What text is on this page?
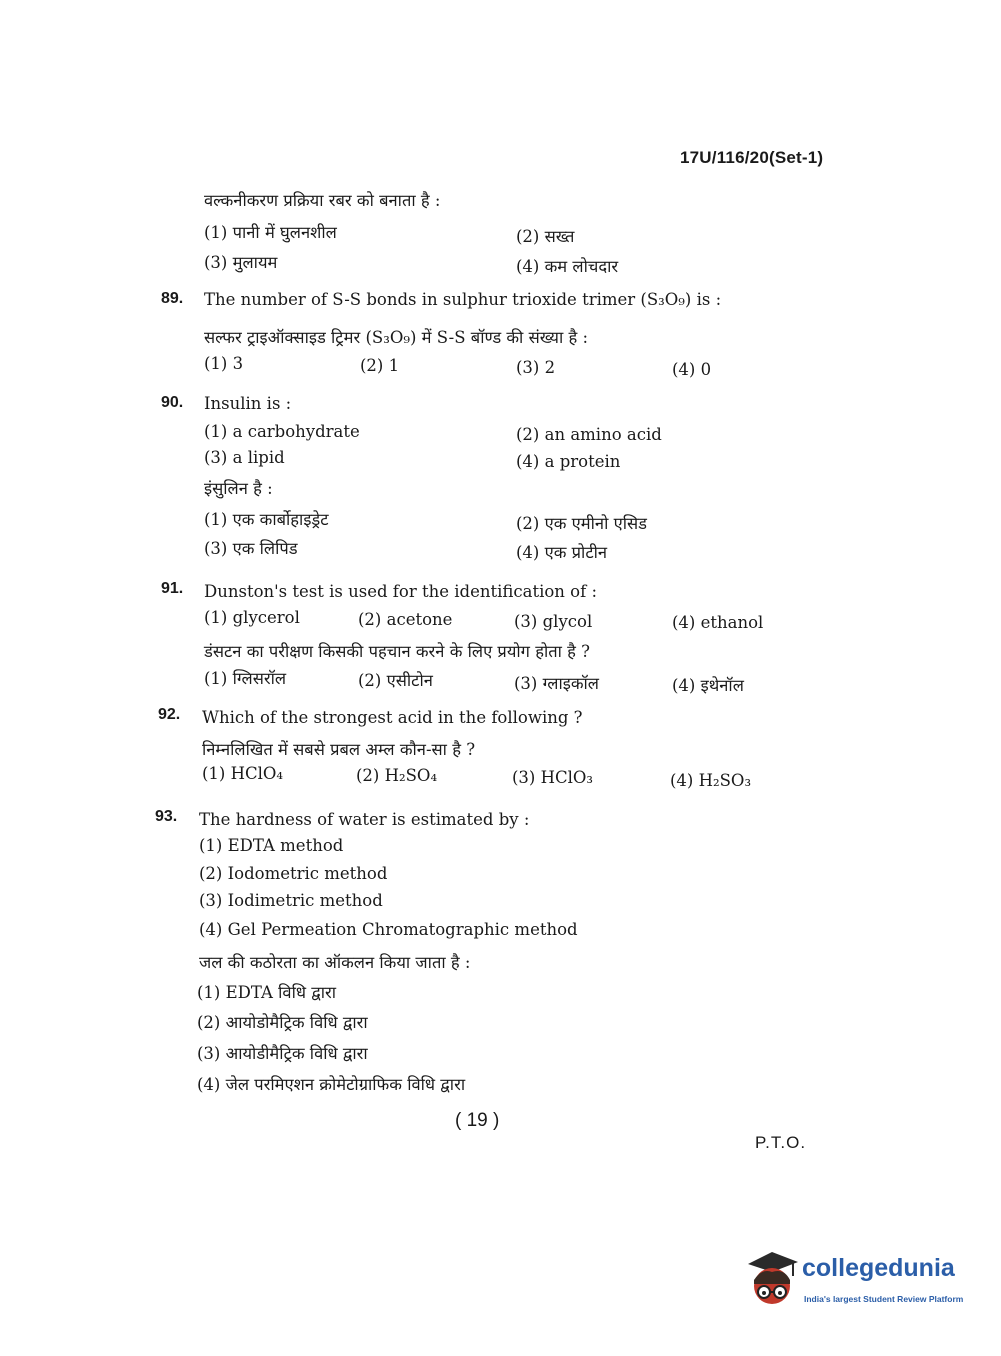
17U/116/20(Set-1)
वल्कनीकरण प्रक्रिया रबर को बनाता है :
(1) पानी में घुलनशील	(2) सख्त
(3) मुलायम	(4) कम लोचदार
89. The number of S-S bonds in sulphur trioxide trimer (S₃O₉) is :
सल्फर ट्राइऑक्साइड ट्रिमर (S₃O₉) में S-S बॉण्ड की संख्या है :
(1) 3	(2) 1	(3) 2	(4) 0
90. Insulin is :
(1) a carbohydrate	(2) an amino acid
(3) a lipid	(4) a protein
इंसुलिन है :
(1) एक कार्बोहाइड्रेट	(2) एक एमीनो एसिड
(3) एक लिपिड	(4) एक प्रोटीन
91. Dunston's test is used for the identification of :
(1) glycerol	(2) acetone	(3) glycol	(4) ethanol
डंसटन का परीक्षण किसकी पहचान करने के लिए प्रयोग होता है ?
(1) ग्लिसरॉल	(2) एसीटोन	(3) ग्लाइकॉल	(4) इथेनॉल
92. Which of the strongest acid in the following ?
निम्नलिखित में सबसे प्रबल अम्ल कौन-सा है ?
(1) HClO₄	(2) H₂SO₄	(3) HClO₃	(4) H₂SO₃
93. The hardness of water is estimated by :
(1) EDTA method
(2) Iodometric method
(3) Iodimetric method
(4) Gel Permeation Chromatographic method
जल की कठोरता का ऑकलन किया जाता है :
(1) EDTA विधि द्वारा
(2) आयोडोमैट्रिक विधि द्वारा
(3) आयोडीमैट्रिक विधि द्वारा
(4) जेल परमिएशन क्रोमेटोग्राफिक विधि द्वारा
( 19 )
P.T.O.
collegedunia
India's largest Student Review Platform
